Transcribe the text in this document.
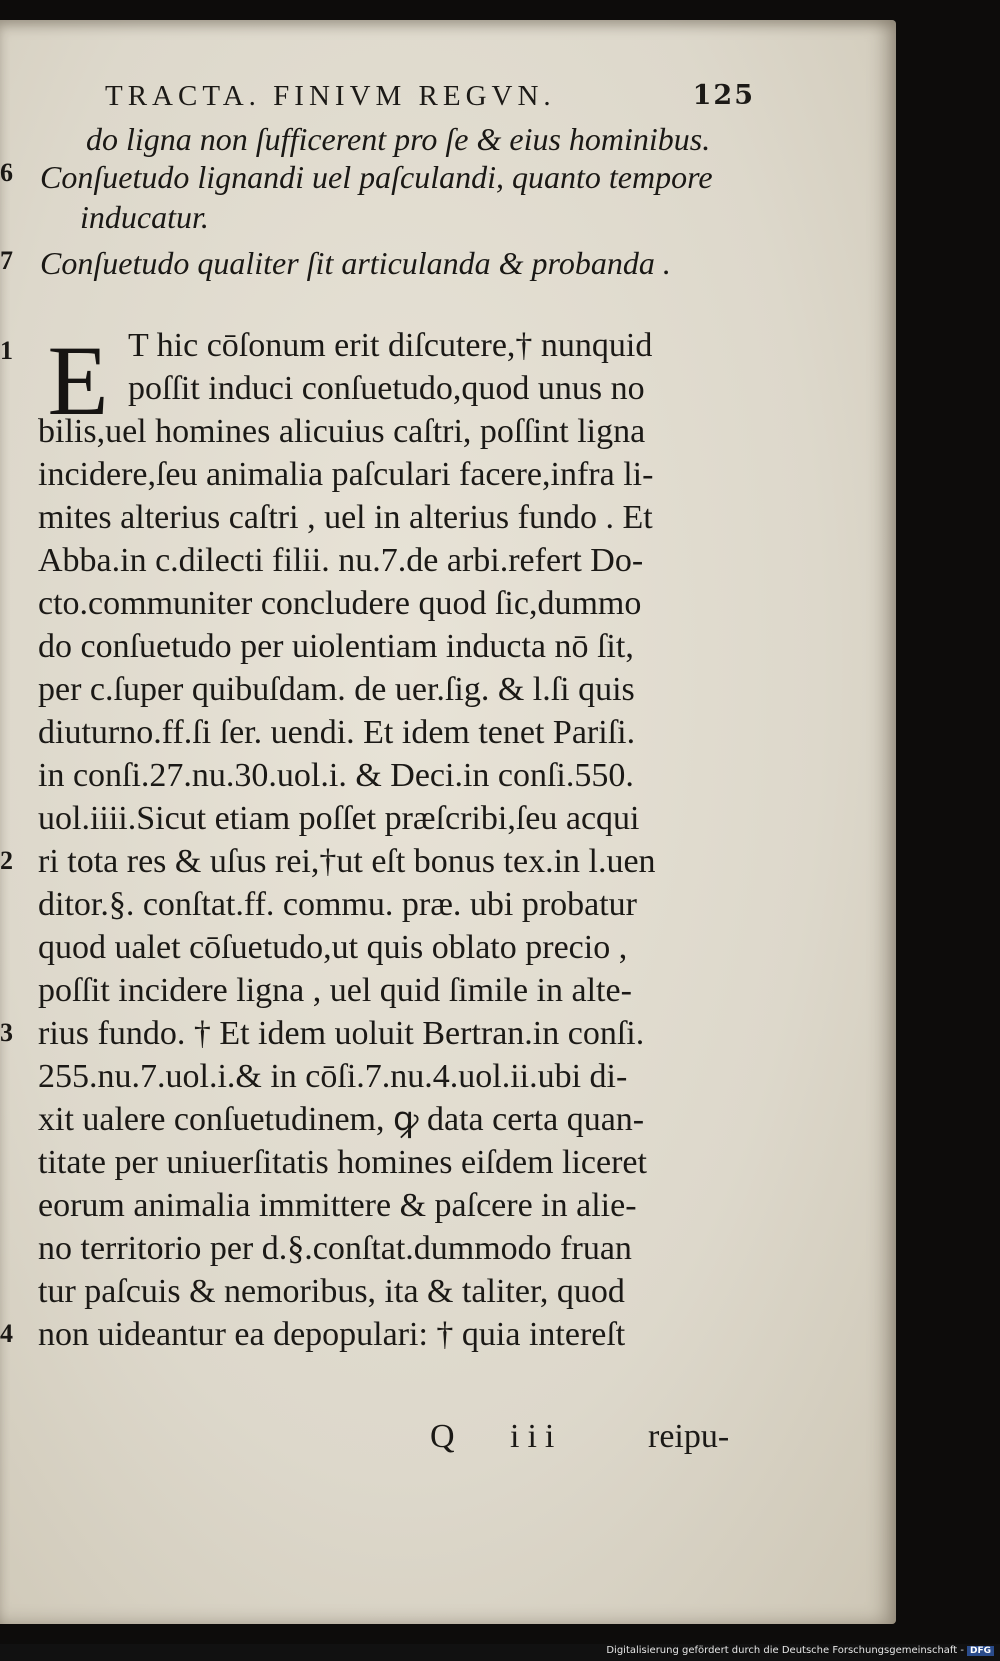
TRACTA. FINIVM REGVN.	125
do ligna non ſufficerent pro ſe & eius hominibus.
6 Conſuetudo lignandi uel paſculandi, quanto tempore
inducatur.
7 Conſuetudo qualiter ſit articulanda & probanda .
E
1	T hic cōſonum erit diſcutere,† nunquid
poſſit induci conſuetudo,quod unus no
bilis,uel homines alicuius caſtri, poſſint ligna
incidere,ſeu animalia paſculari facere,infra li‐
mites alterius caſtri , uel in alterius fundo . Et
Abba.in c.dilecti filii. nu.7.de arbi.refert Do‐
cto.communiter concludere quod ſic,dummo
do conſuetudo per uiolentiam inducta nō ſit,
per c.ſuper quibuſdam. de uer.ſig. & l.ſi quis
diuturno.ff.ſi ſer. uendi. Et idem tenet Pariſi.
in conſi.27.nu.30.uol.i. & Deci.in conſi.550.
uol.iiii.Sicut etiam poſſet præſcribi,ſeu acqui
2 ri tota res & uſus rei,†ut eſt bonus tex.in l.uen
ditor.§. conſtat.ff. commu. præ. ubi probatur
quod ualet cōſuetudo,ut quis oblato precio ,
poſſit incidere ligna , uel quid ſimile in alte‐
3 rius fundo. † Et idem uoluit Bertran.in conſi.
255.nu.7.uol.i.& in cōſi.7.nu.4.uol.ii.ubi di‐
xit ualere conſuetudinem, ꝙ data certa quan‐
titate per uniuerſitatis homines eiſdem liceret
eorum animalia immittere & paſcere in alie‐
no territorio per d.§.conſtat.dummodo fruan
tur paſcuis & nemoribus, ita & taliter, quod
4 non uideantur ea depopulari: † quia intereſt
Q iii	reipu‐
Digitalisierung gefördert durch die Deutsche Forschungsgemeinschaft - DFG
